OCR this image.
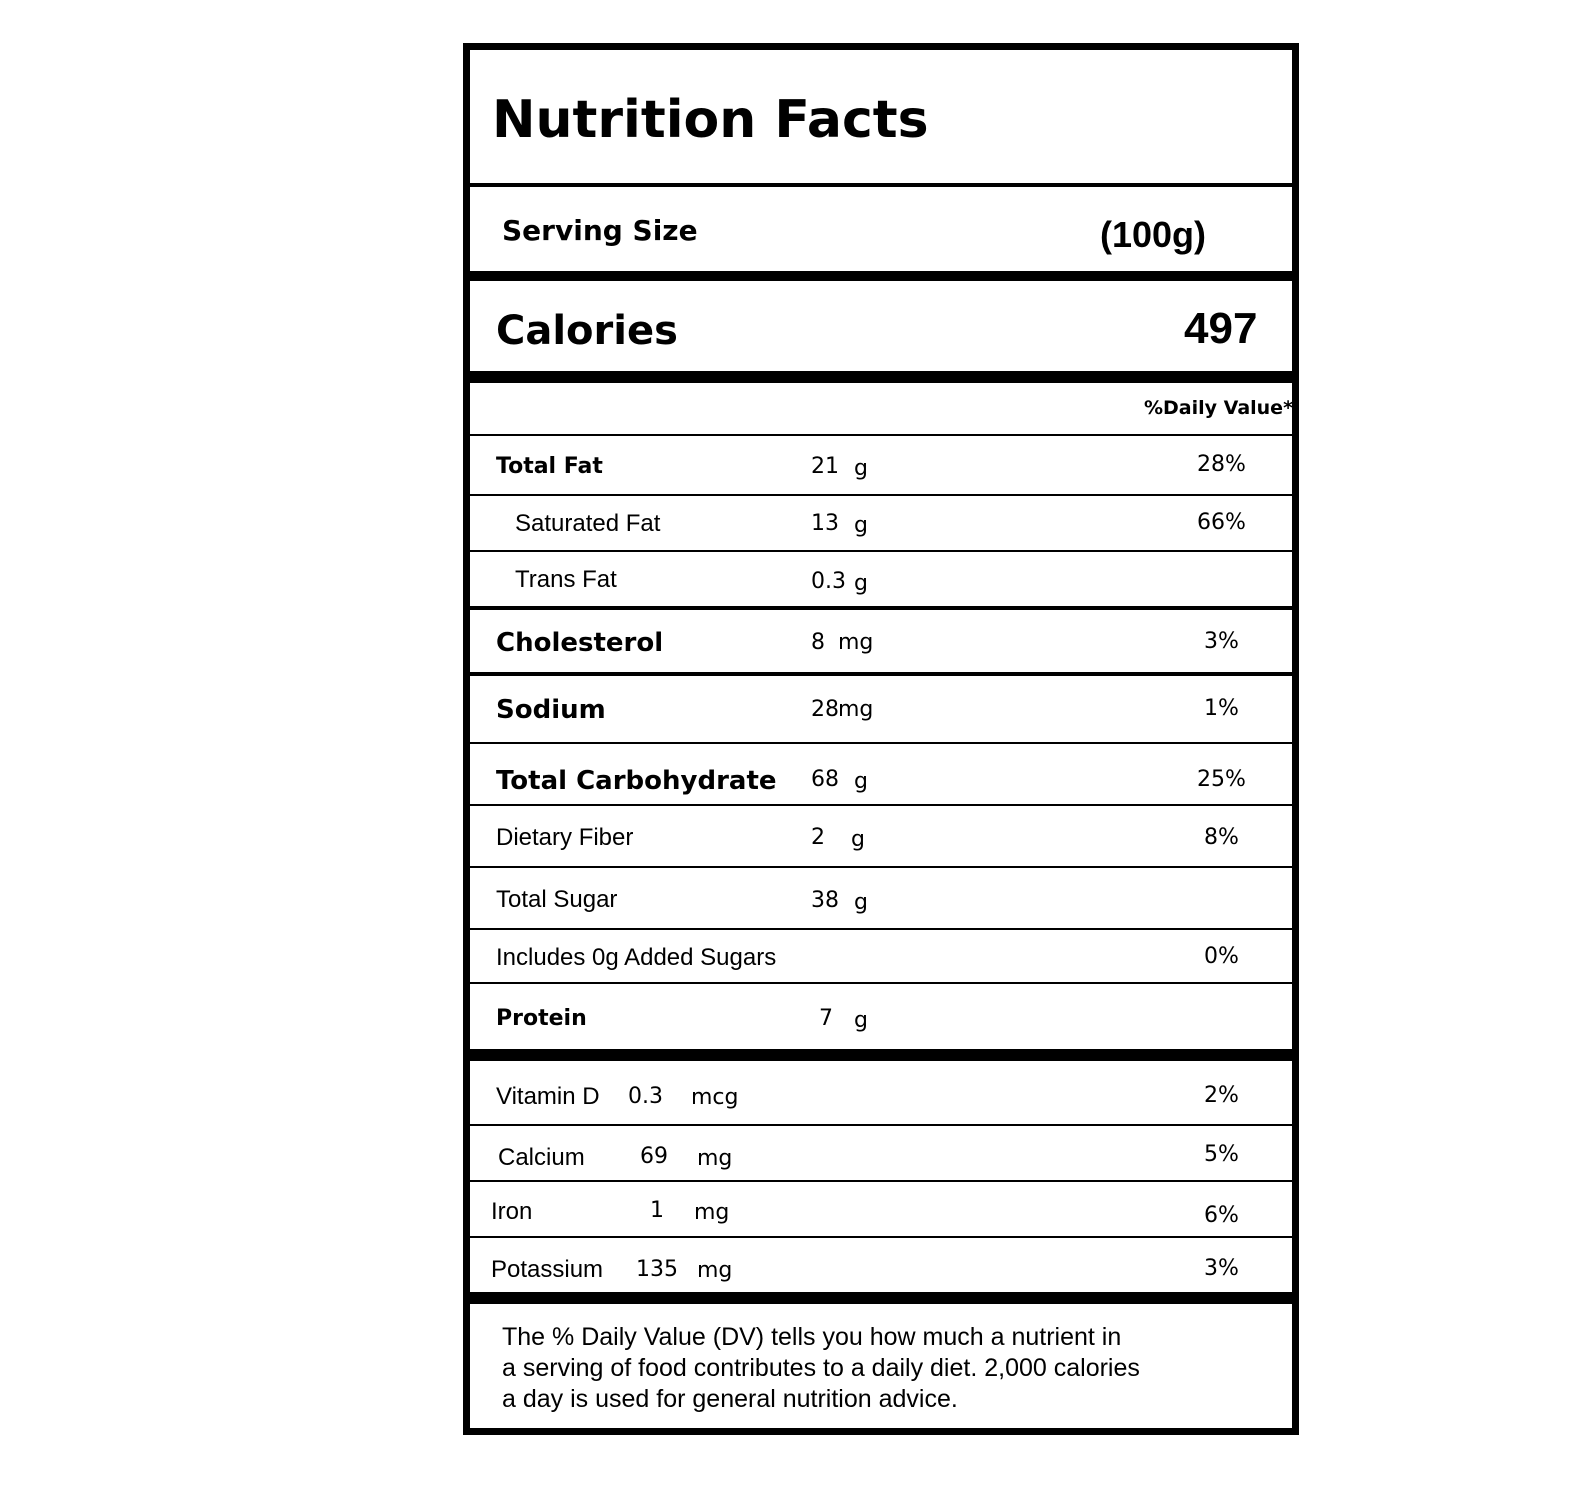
Nutrition Facts
Serving Size	(100g)
Calories	497
%Daily Value*
Total Fat	21 g	28%
Saturated Fat	13 g	66%
Trans Fat	0.3 g
Cholesterol	8 mg	3%
Sodium	28 mg	1%
Total Carbohydrate 68 g	25%
Dietary Fiber	2 g	8%
Total Sugar	38 g
Includes 0g Added Sugars	0%
Protein	7 g
Vitamin D 0.3 mcg	2%
Calcium	69 mg	5%
Iron	1 mg	6%
Potassium 135 mg	3%
The % Daily Value (DV) tells you how much a nutrient in
a serving of food contributes to a daily diet. 2,000 calories
a day is used for general nutrition advice.
